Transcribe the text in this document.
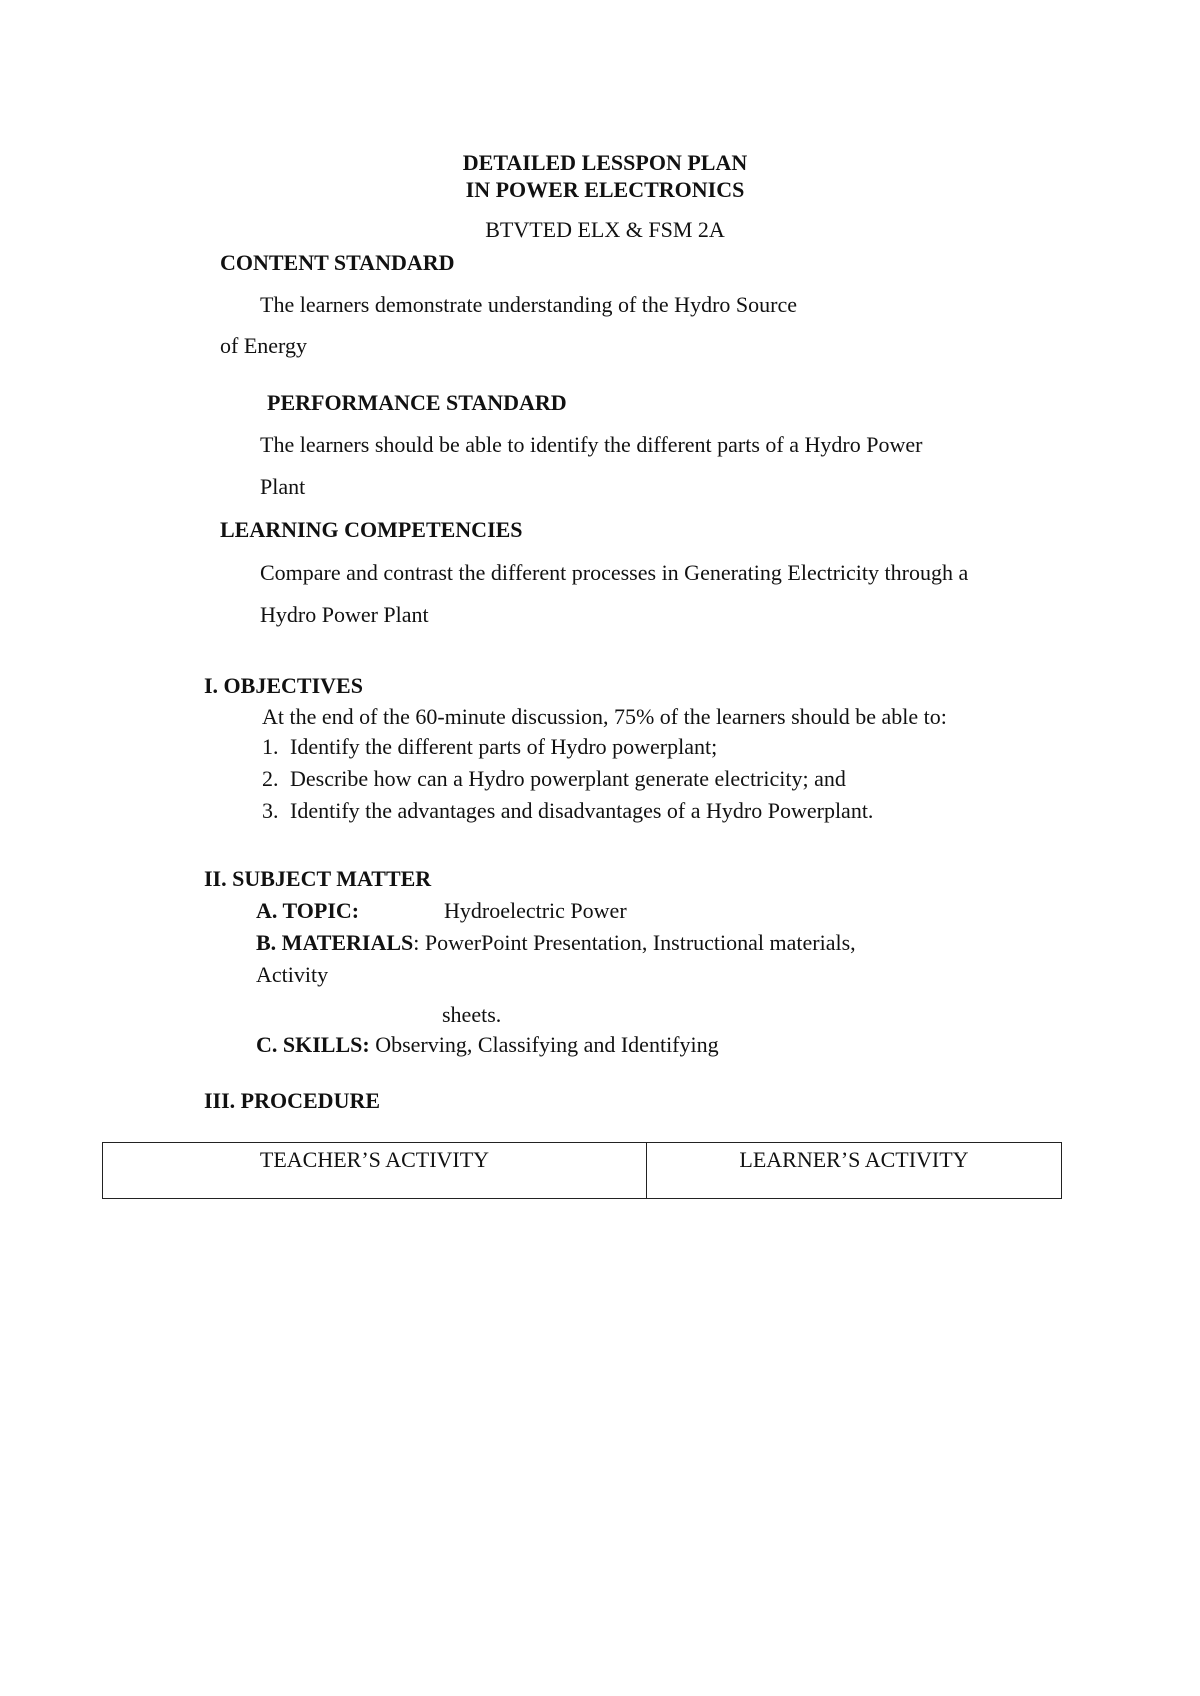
DETAILED LESSPON PLAN
IN POWER ELECTRONICS
BTVTED ELX & FSM 2A
CONTENT STANDARD
The learners demonstrate understanding of the Hydro Source
of Energy
PERFORMANCE STANDARD
The learners should be able to identify the different parts of a Hydro Power
Plant
LEARNING COMPETENCIES
Compare and contrast the different processes in Generating Electricity through a
Hydro Power Plant
I. OBJECTIVES
At the end of the 60-minute discussion, 75% of the learners should be able to:
1. Identify the different parts of Hydro powerplant;
2. Describe how can a Hydro powerplant generate electricity; and
3. Identify the advantages and disadvantages of a Hydro Powerplant.
II. SUBJECT MATTER
A. TOPIC:	Hydroelectric Power
B. MATERIALS: PowerPoint Presentation, Instructional materials,
Activity
sheets.
C. SKILLS: Observing, Classifying and Identifying
III. PROCEDURE
TEACHER’S ACTIVITY	LEARNER’S ACTIVITY
